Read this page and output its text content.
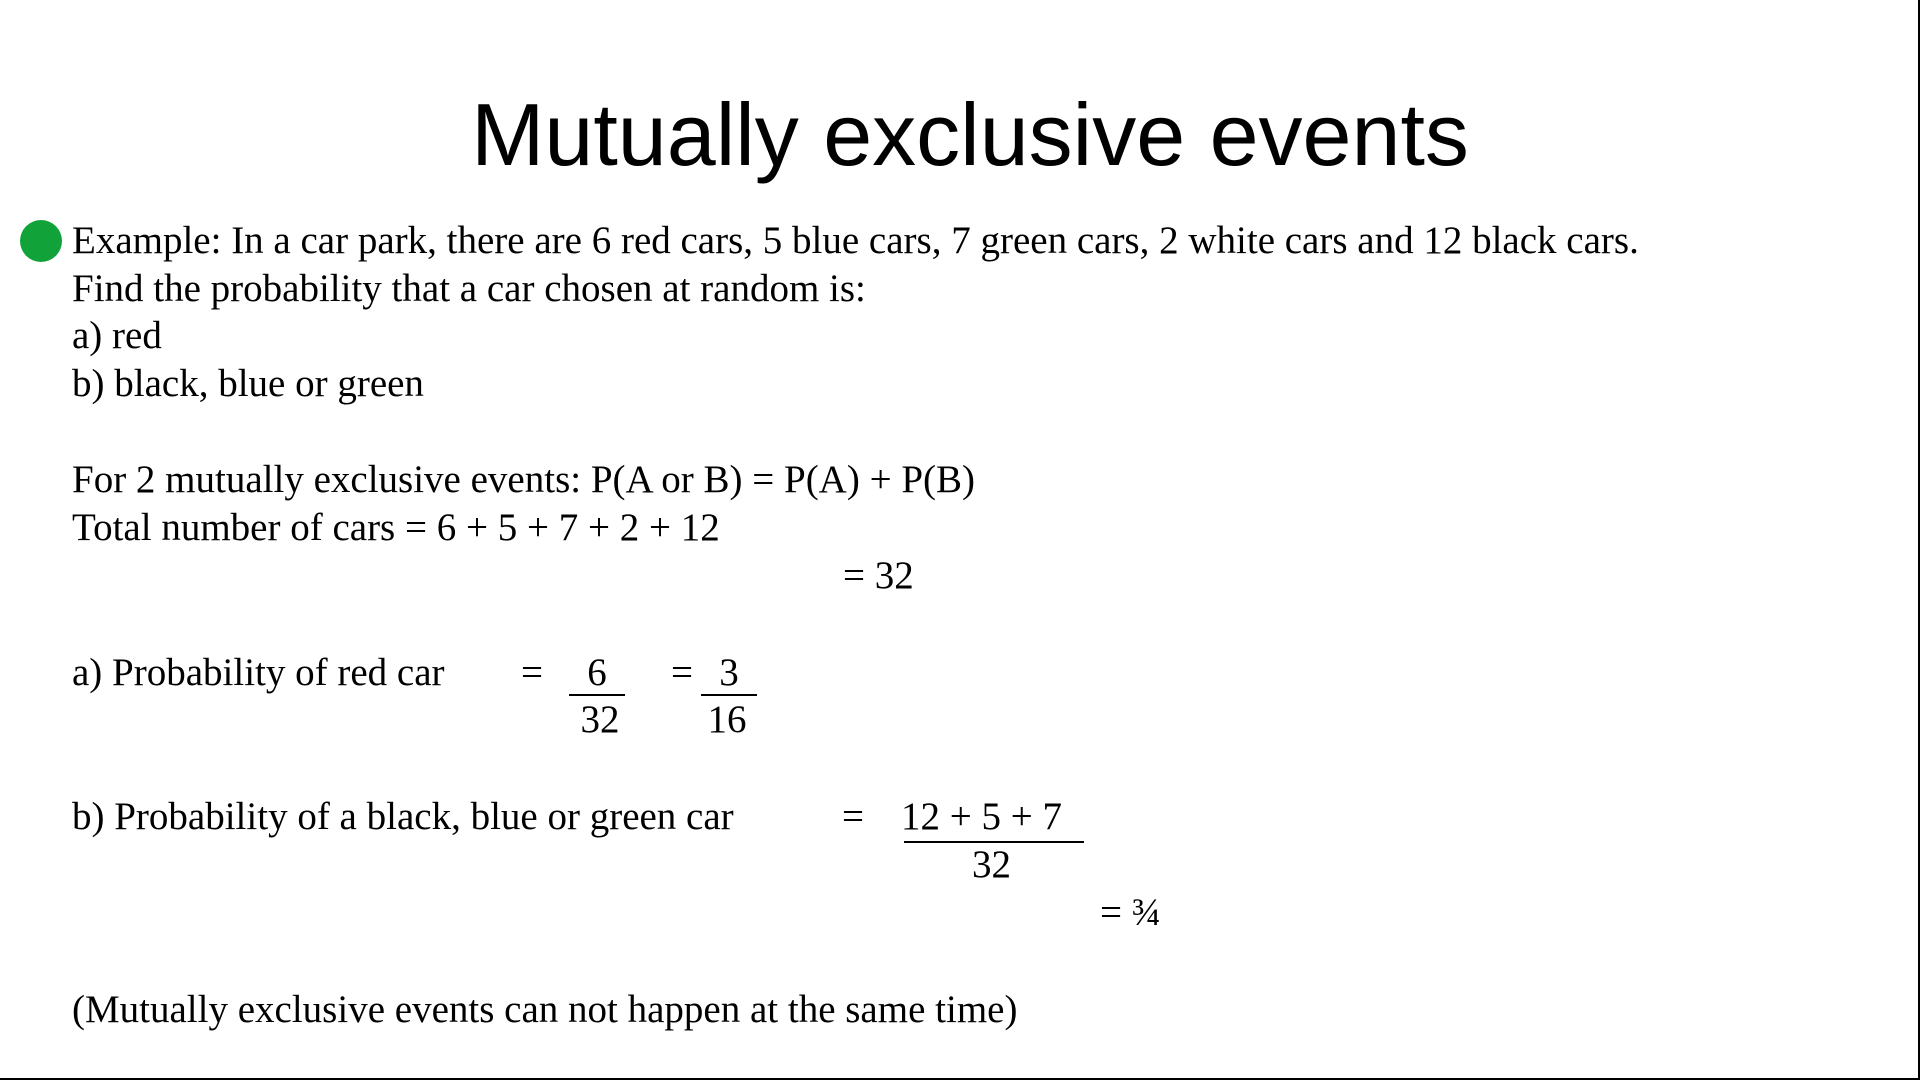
Mutually exclusive events
Example: In a car park, there are 6 red cars, 5 blue cars, 7 green cars, 2 white cars and 12 black cars.
Find the probability that a car chosen at random is:
a) red
b) black, blue or green
For 2 mutually exclusive events: P(A or B) = P(A) + P(B)
Total number of cars = 6 + 5 + 7 + 2 + 12
= 32
a) Probability of red car =	6
32
= 3
16
b) Probability of a black, blue or green car	= 12 + 5 + 7
32
= ¾
(Mutually exclusive events can not happen at the same time)
